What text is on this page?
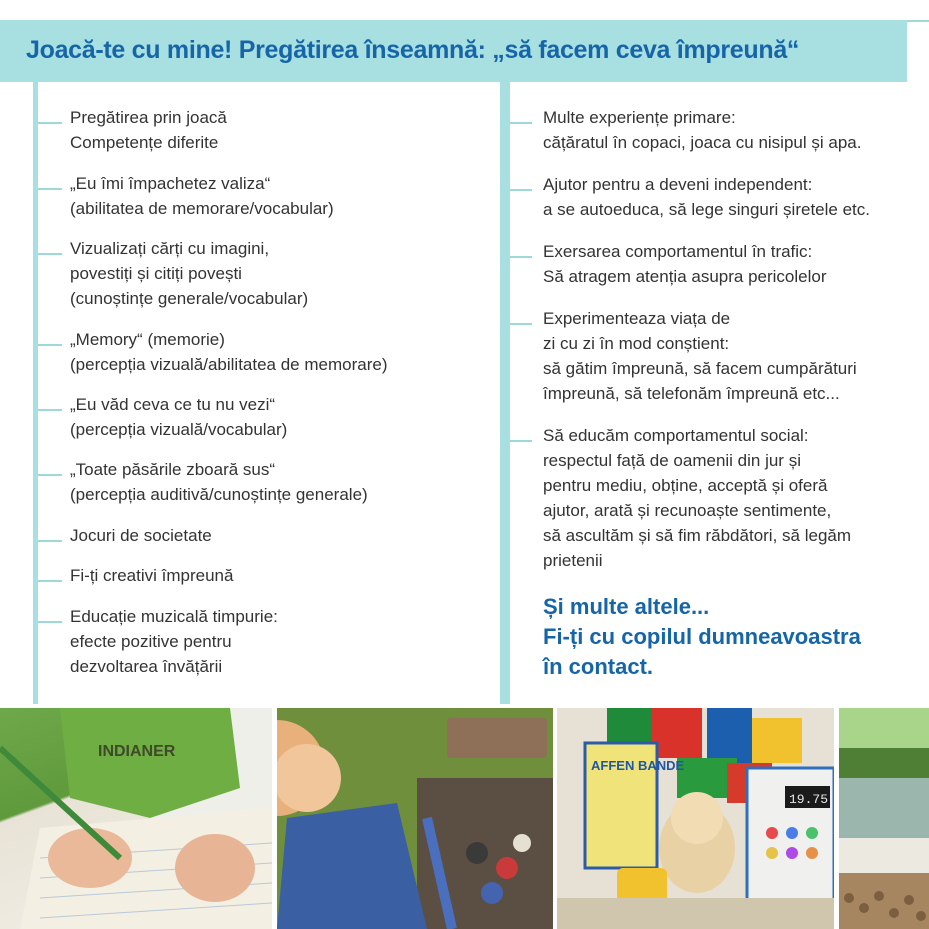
Joacă-te cu mine! Pregătirea înseamnă: „să facem ceva împreună“
Pregătirea prin joacă
Competențe diferite
„Eu îmi împachetez valiza“
(abilitatea de memorare/vocabular)
Vizualizați cărți cu imagini,
povestiți și citiți povești
(cunoștințe generale/vocabular)
„Memory“ (memorie)
(percepția vizuală/abilitatea de memorare)
„Eu văd ceva ce tu nu vezi“
(percepția vizuală/vocabular)
„Toate păsările zboară sus“
(percepția auditivă/cunoștințe generale)
Jocuri de societate
Fi-ți creativi împreună
Educație muzicală timpurie:
efecte pozitive pentru
dezvoltarea învățării
Multe experiențe primare:
cățăratul în copaci, joaca cu nisipul și apa.
Ajutor pentru a deveni independent:
a se autoeduca, să lege singuri șiretele etc.
Exersarea comportamentul în trafic:
Să atragem atenția asupra pericolelor
Experimenteaza viața de
zi cu zi în mod conștient:
să gătim împreună, să facem cumpărături
împreună, să telefonăm împreună etc...
Să educăm comportamentul social:
respectul față de oamenii din jur și
pentru mediu, obține, acceptă și oferă
ajutor, arată și recunoaște sentimente,
să ascultăm și să fim răbdători, să legăm
prietenii
Și multe altele...
Fi-ți cu copilul dumneavoastra
în contact.
INDIANER
AFFEN BANDE
19.75
